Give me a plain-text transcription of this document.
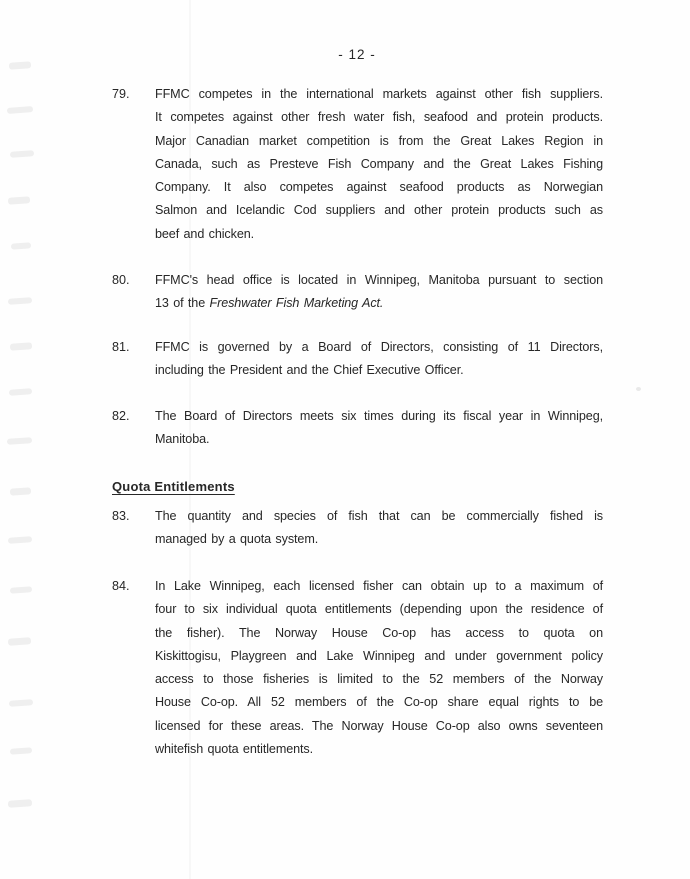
- 12 -
79.	FFMC competes in the international markets against other fish suppliers.
It competes against other fresh water fish, seafood and protein products.
Major Canadian market competition is from the Great Lakes Region in
Canada, such as Presteve Fish Company and the Great Lakes Fishing
Company. It also competes against seafood products as Norwegian
Salmon and Icelandic Cod suppliers and other protein products such as
beef and chicken.
80.	FFMC's head office is located in Winnipeg, Manitoba pursuant to section
13 of the Freshwater Fish Marketing Act.
81.	FFMC is governed by a Board of Directors, consisting of 11 Directors,
including the President and the Chief Executive Officer.
82.	The Board of Directors meets six times during its fiscal year in Winnipeg,
Manitoba.
Quota Entitlements
83.	The quantity and species of fish that can be commercially fished is
managed by a quota system.
84.	In Lake Winnipeg, each licensed fisher can obtain up to a maximum of
four to six individual quota entitlements (depending upon the residence of
the fisher). The Norway House Co-op has access to quota on
Kiskittogisu, Playgreen and Lake Winnipeg and under government policy
access to those fisheries is limited to the 52 members of the Norway
House Co-op. All 52 members of the Co-op share equal rights to be
licensed for these areas. The Norway House Co-op also owns seventeen
whitefish quota entitlements.
